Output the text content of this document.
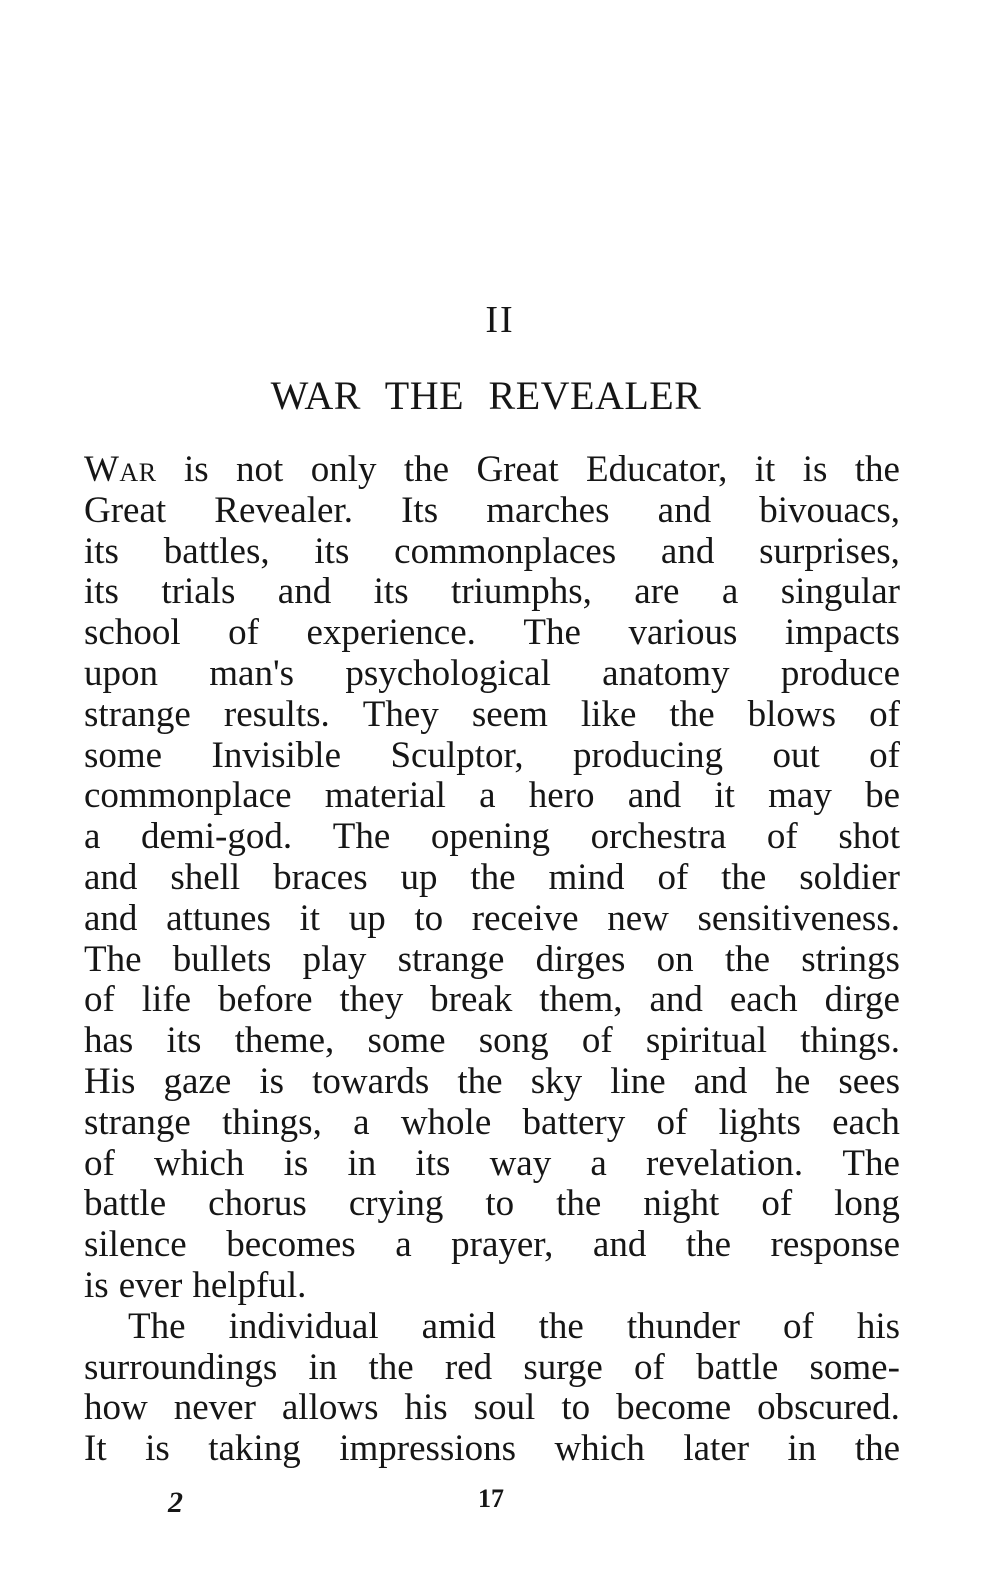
II
WAR THE REVEALER
War is not only the Great Educator, it is the
Great Revealer. Its marches and bivouacs,
its battles, its commonplaces and surprises,
its trials and its triumphs, are a singular
school of experience. The various impacts
upon man's psychological anatomy produce
strange results. They seem like the blows of
some Invisible Sculptor, producing out of
commonplace material a hero and it may be
a demi-god. The opening orchestra of shot
and shell braces up the mind of the soldier
and attunes it up to receive new sensitiveness.
The bullets play strange dirges on the strings
of life before they break them, and each dirge
has its theme, some song of spiritual things.
His gaze is towards the sky line and he sees
strange things, a whole battery of lights each
of which is in its way a revelation. The
battle chorus crying to the night of long
silence becomes a prayer, and the response
is ever helpful.
The individual amid the thunder of his
surroundings in the red surge of battle some-
how never allows his soul to become obscured.
It is taking impressions which later in the
2	17
